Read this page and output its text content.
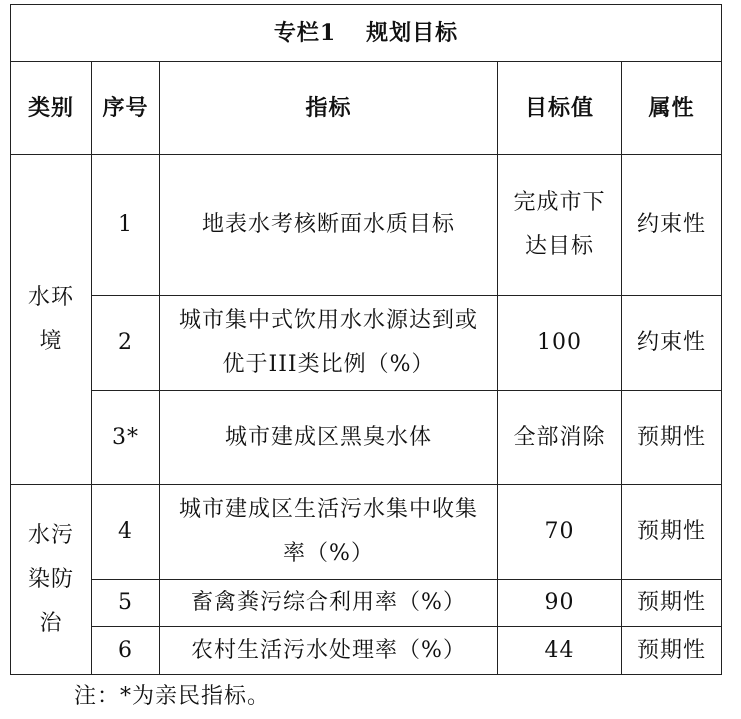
专栏1 规划目标				
类别	序号	指标	目标值	属性
水环境	1	地表水考核断面水质目标	完成市下达目标	约束性
	2	城市集中式饮用水水源达到或优于III类比例（%）	100	约束性
	3*	城市建成区黑臭水体	全部消除	预期性
水污染防治	4	城市建成区生活污水集中收集率（%）	70	预期性
	5	畜禽粪污综合利用率（%）	90	预期性
	6	农村生活污水处理率（%）	44	预期性
注：*为亲民指标。
